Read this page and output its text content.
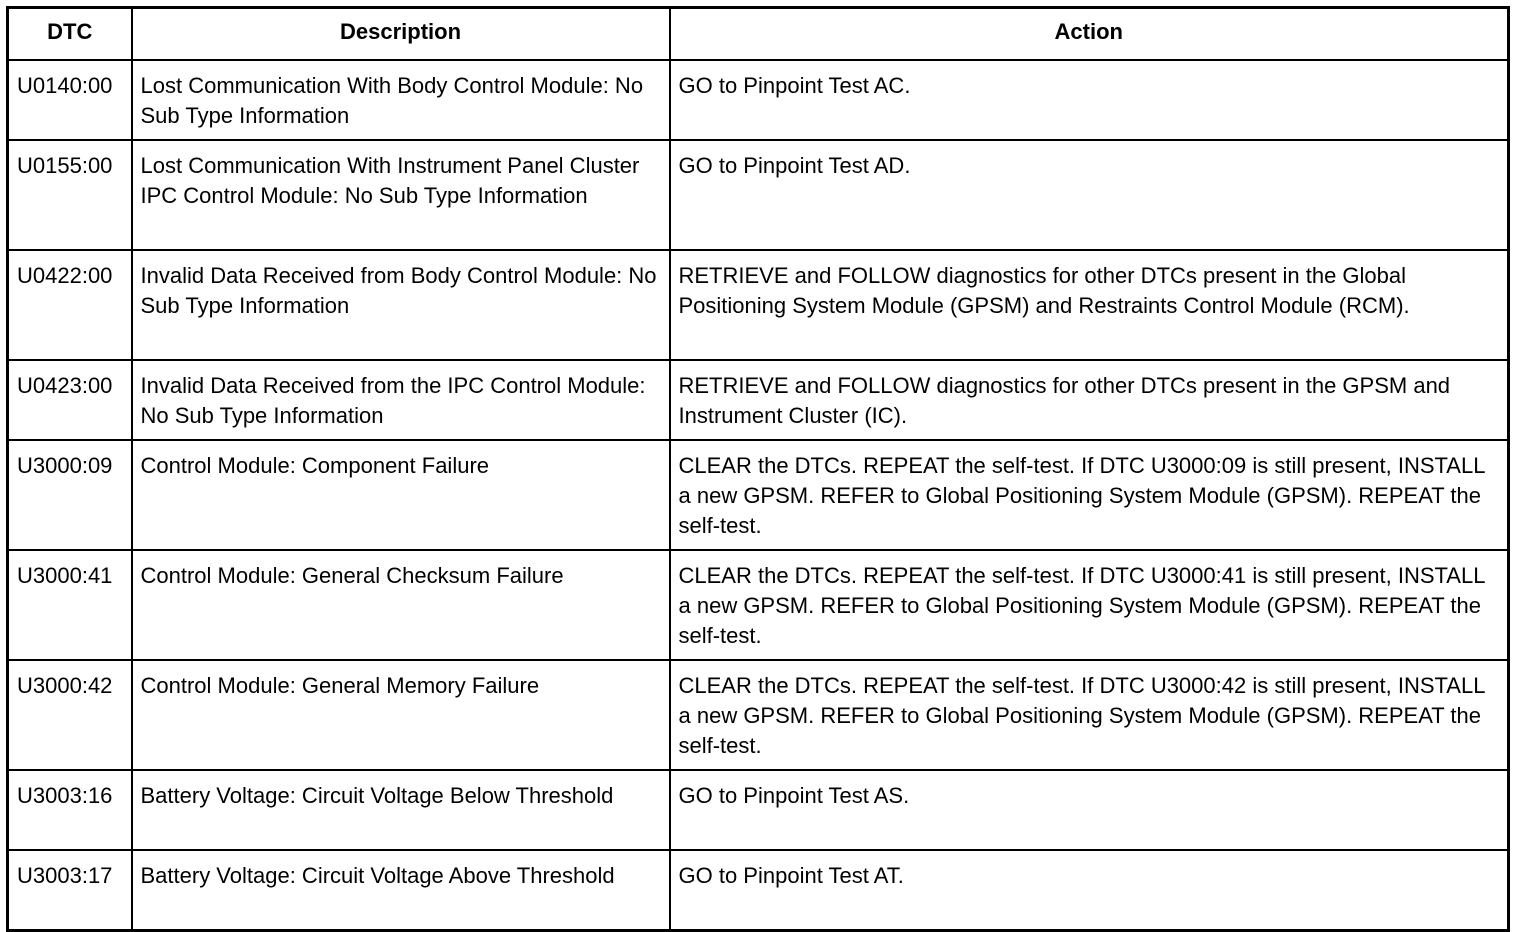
DTC	Description	Action
U0140:00	Lost Communication With Body Control Module: No Sub Type Information	GO to Pinpoint Test AC.
U0155:00	Lost Communication With Instrument Panel Cluster IPC Control Module: No Sub Type Information	GO to Pinpoint Test AD.
U0422:00	Invalid Data Received from Body Control Module: No Sub Type Information	RETRIEVE and FOLLOW diagnostics for other DTCs present in the Global Positioning System Module (GPSM) and Restraints Control Module (RCM).
U0423:00	Invalid Data Received from the IPC Control Module: No Sub Type Information	RETRIEVE and FOLLOW diagnostics for other DTCs present in the GPSM and Instrument Cluster (IC).
U3000:09	Control Module: Component Failure	CLEAR the DTCs. REPEAT the self-test. If DTC U3000:09 is still present, INSTALL a new GPSM. REFER to Global Positioning System Module (GPSM). REPEAT the self-test.
U3000:41	Control Module: General Checksum Failure	CLEAR the DTCs. REPEAT the self-test. If DTC U3000:41 is still present, INSTALL a new GPSM. REFER to Global Positioning System Module (GPSM). REPEAT the self-test.
U3000:42	Control Module: General Memory Failure	CLEAR the DTCs. REPEAT the self-test. If DTC U3000:42 is still present, INSTALL a new GPSM. REFER to Global Positioning System Module (GPSM). REPEAT the self-test.
U3003:16	Battery Voltage: Circuit Voltage Below Threshold	GO to Pinpoint Test AS.
U3003:17	Battery Voltage: Circuit Voltage Above Threshold	GO to Pinpoint Test AT.
